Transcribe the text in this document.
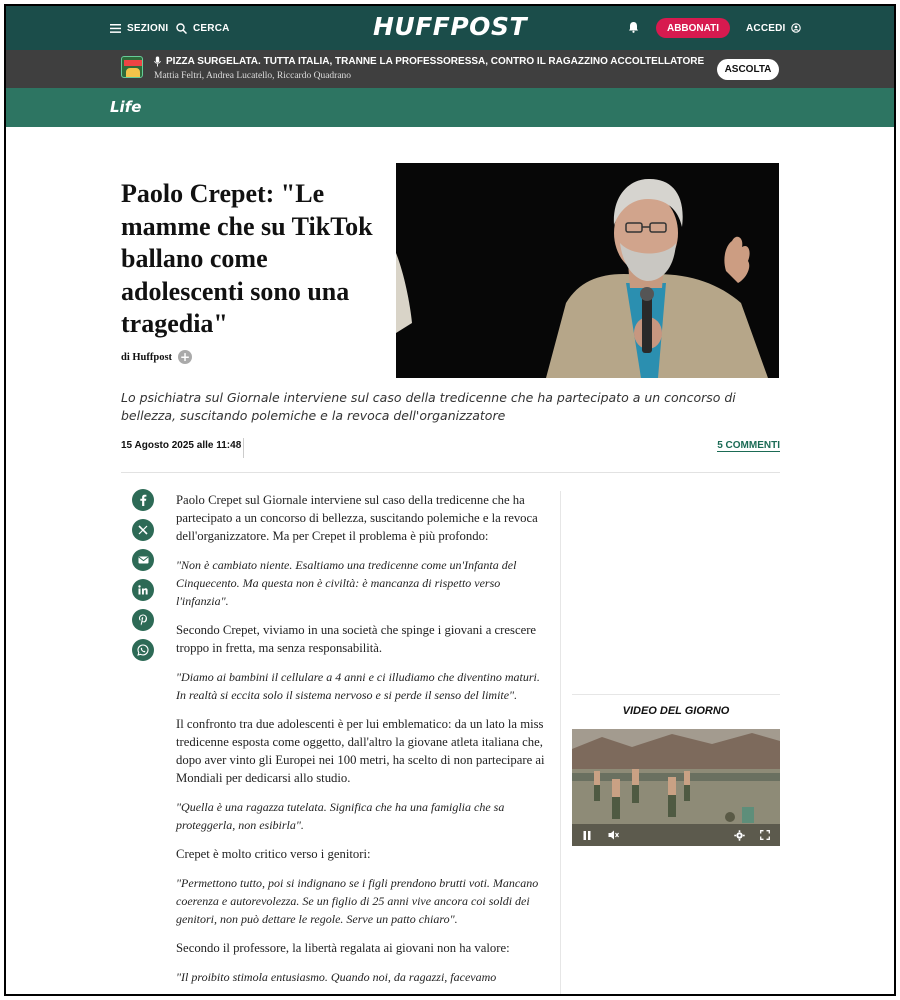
SEZIONI CERCA	HUFFPOST	ABBONATI	ACCEDI
PIZZA SURGELATA. TUTTA ITALIA, TRANNE LA PROFESSORESSA, CONTRO IL RAGAZZINO ACCOLTELLATORE
Mattia Feltri, Andrea Lucatello, Riccardo Quadrano
ASCOLTA
Life
Paolo Crepet: "Le mamme che su TikTok ballano come adolescenti sono una tragedia"
di Huffpost +
Lo psichiatra sul Giornale interviene sul caso della tredicenne che ha partecipato a un concorso di bellezza, suscitando polemiche e la revoca dell'organizzatore
15 Agosto 2025 alle 11:48	5 COMMENTI

Paolo Crepet sul Giornale interviene sul caso della tredicenne che ha partecipato a un concorso di bellezza, suscitando polemiche e la revoca dell'organizzatore. Ma per Crepet il problema è più profondo:

"Non è cambiato niente. Esaltiamo una tredicenne come un'Infanta del Cinquecento. Ma questa non è civiltà: è mancanza di rispetto verso l'infanzia".

Secondo Crepet, viviamo in una società che spinge i giovani a crescere troppo in fretta, ma senza responsabilità.

"Diamo ai bambini il cellulare a 4 anni e ci illudiamo che diventino maturi. In realtà si eccita solo il sistema nervoso e si perde il senso del limite".

Il confronto tra due adolescenti è per lui emblematico: da un lato la miss tredicenne esposta come oggetto, dall'altro la giovane atleta italiana che, dopo aver vinto gli Europei nei 100 metri, ha scelto di non partecipare ai Mondiali per dedicarsi allo studio.

"Quella è una ragazza tutelata. Significa che ha una famiglia che sa proteggerla, non esibirla".

Crepet è molto critico verso i genitori:

"Permettono tutto, poi si indignano se i figli prendono brutti voti. Mancano coerenza e autorevolezza. Se un figlio di 25 anni vive ancora coi soldi dei genitori, non può dettare le regole. Serve un patto chiaro".

Secondo il professore, la libertà regalata ai giovani non ha valore:

"Il proibito stimola entusiasmo. Quando noi, da ragazzi, facevamo

VIDEO DEL GIORNO
